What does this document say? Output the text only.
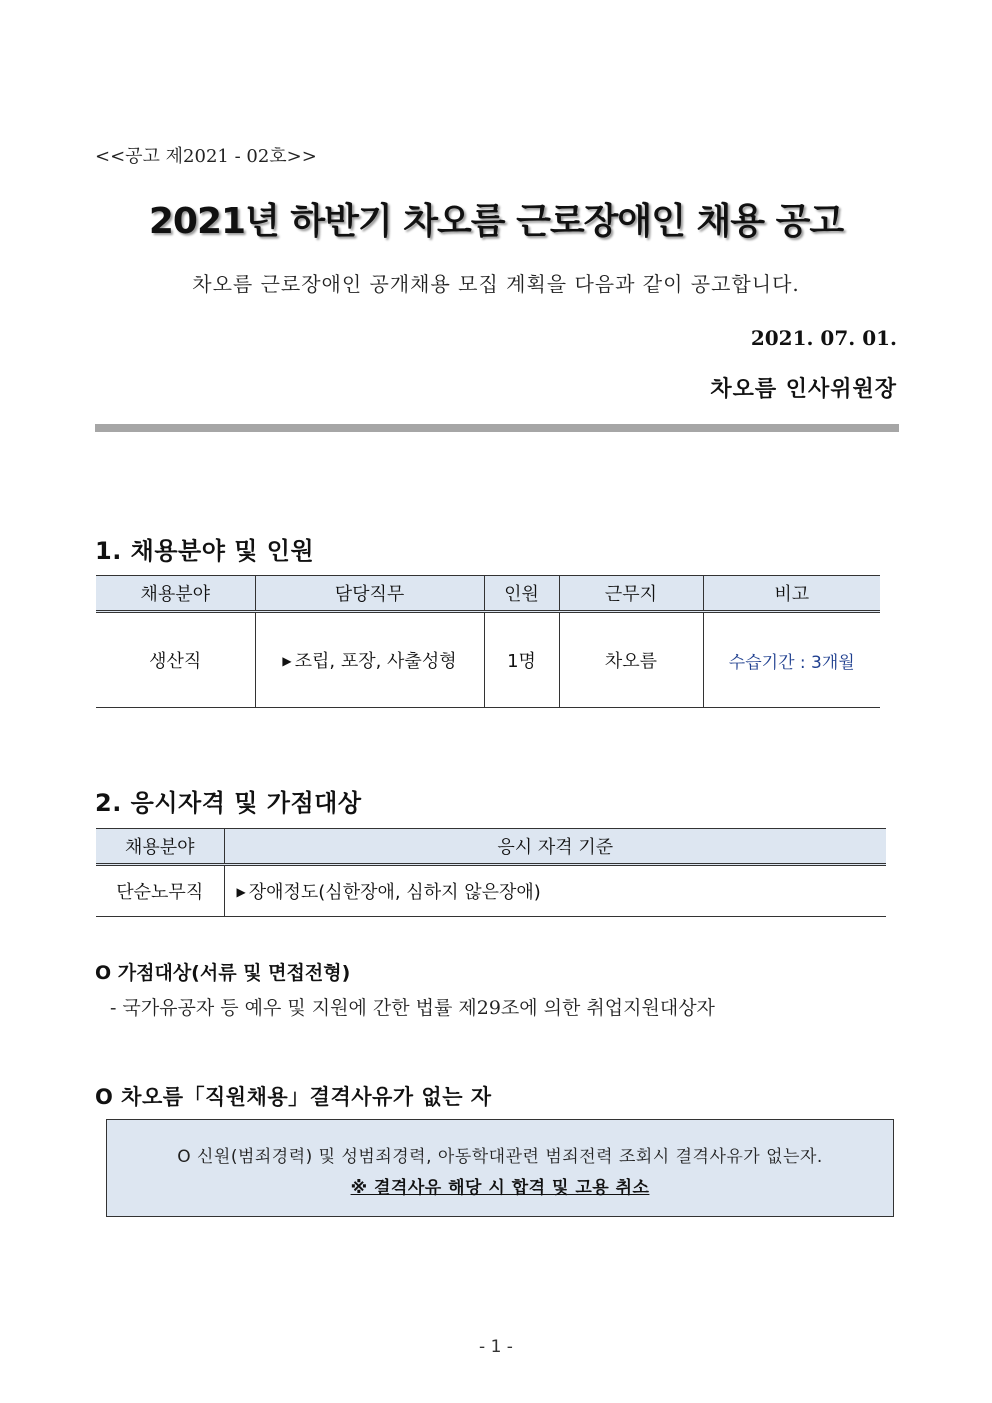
<<공고 제2021 - 02호>>
2021년 하반기 차오름 근로장애인 채용 공고
차오름 근로장애인 공개채용 모집 계획을 다음과 같이 공고합니다.
2021. 07. 01.
차오름 인사위원장
1. 채용분야 및 인원
채용분야	담당직무	인원	근무지	비고
생산직	▶ 조립, 포장, 사출성형	1명	차오름	수습기간 : 3개월
2. 응시자격 및 가점대상
채용분야	응시 자격 기준
단순노무직	▶ 장애정도(심한장애, 심하지 않은장애)
O 가점대상(서류 및 면접전형)
- 국가유공자 등 예우 및 지원에 간한 법률 제29조에 의한 취업지원대상자
O 차오름「직원채용」결격사유가 없는 자
O 신원(범죄경력) 및 성범죄경력, 아동학대관련 범죄전력 조회시 결격사유가 없는자.
※ 결격사유 해당 시 합격 및 고용 취소
- 1 -
